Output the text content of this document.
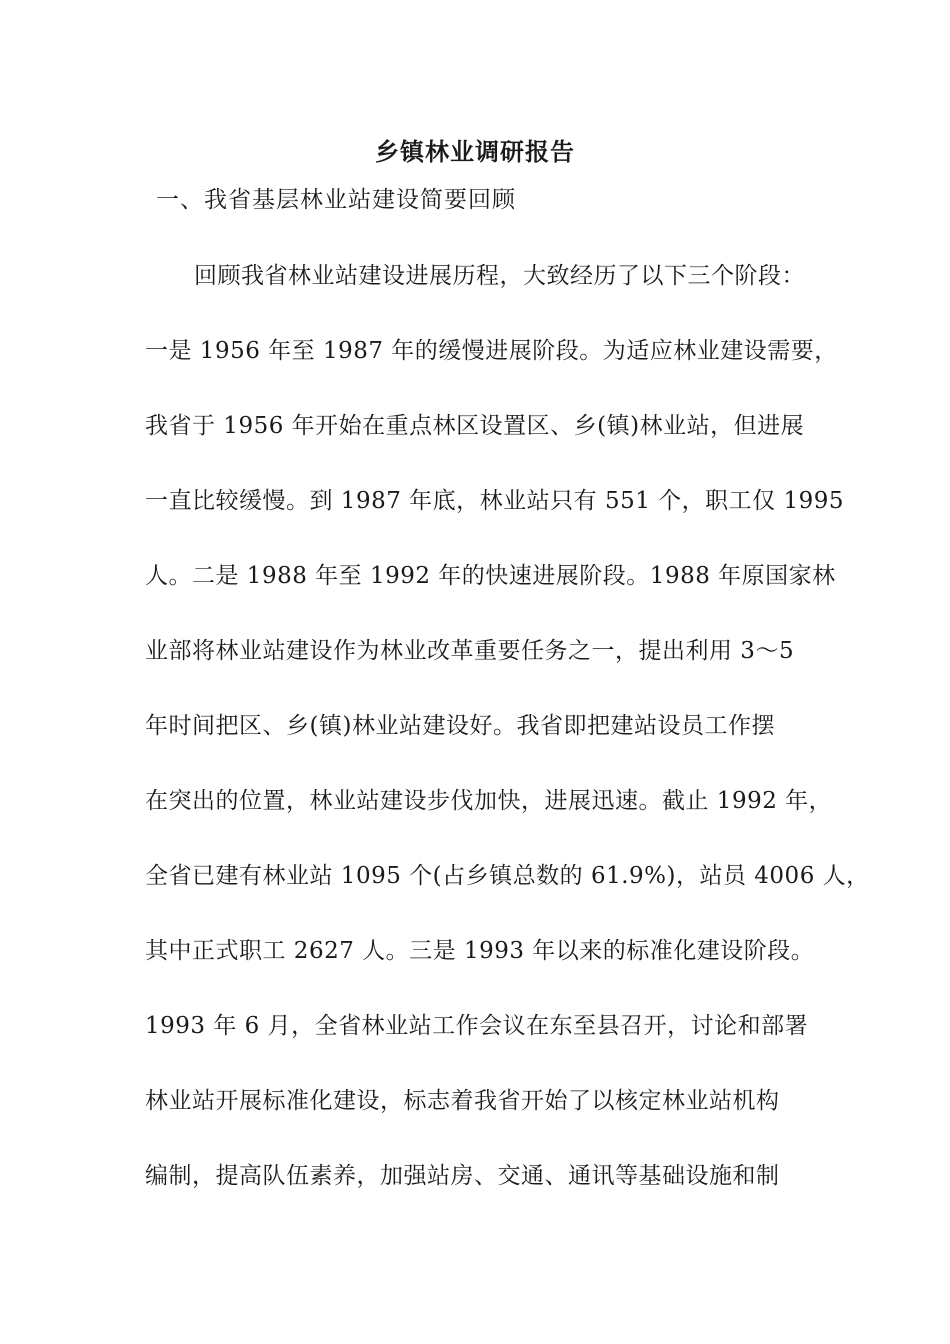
乡镇林业调研报告
一、我省基层林业站建设简要回顾
回顾我省林业站建设进展历程，大致经历了以下三个阶段：
一是 1956 年至 1987 年的缓慢进展阶段。为适应林业建设需要，
我省于 1956 年开始在重点林区设置区、乡(镇)林业站，但进展
一直比较缓慢。到 1987 年底，林业站只有 551 个，职工仅 1995
人。二是 1988 年至 1992 年的快速进展阶段。1988 年原国家林
业部将林业站建设作为林业改革重要任务之一，提出利用 3～5
年时间把区、乡(镇)林业站建设好。我省即把建站设员工作摆
在突出的位置，林业站建设步伐加快，进展迅速。截止 1992 年，
全省已建有林业站 1095 个(占乡镇总数的 61.9%)，站员 4006 人，
其中正式职工 2627 人。三是 1993 年以来的标准化建设阶段。
1993 年 6 月，全省林业站工作会议在东至县召开，讨论和部署
林业站开展标准化建设，标志着我省开始了以核定林业站机构
编制，提高队伍素养，加强站房、交通、通讯等基础设施和制
